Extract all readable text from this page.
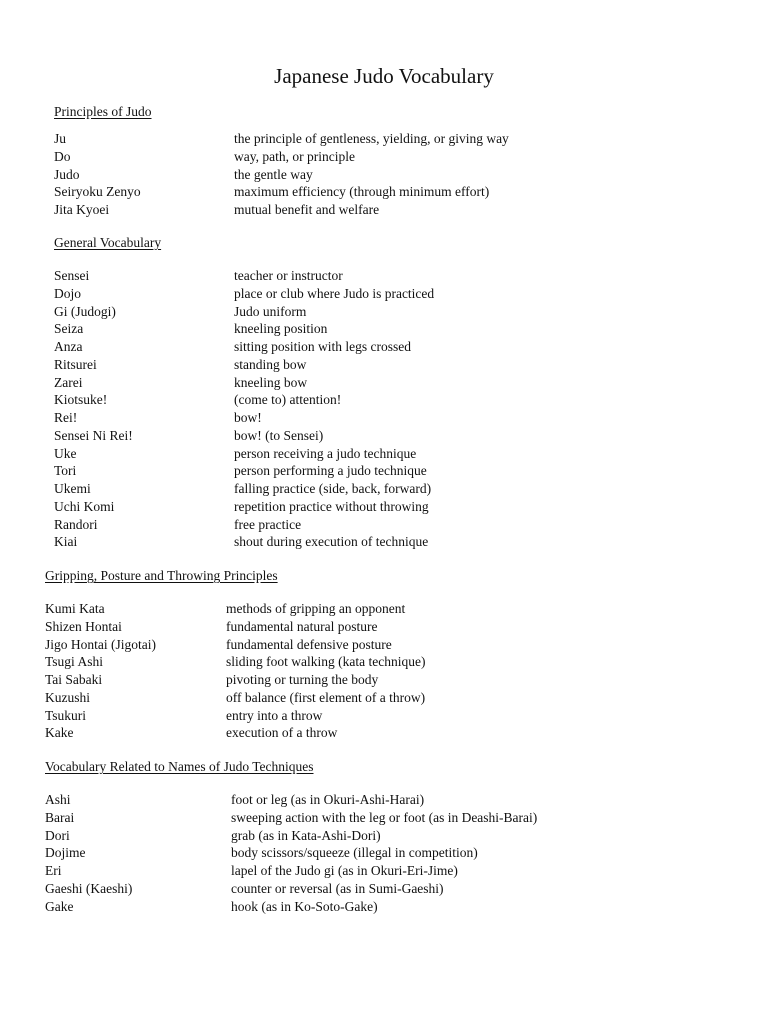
Japanese Judo Vocabulary
Principles of Judo
Ju	the principle of gentleness, yielding, or giving way
Do	way, path, or principle
Judo	the gentle way
Seiryoku Zenyo	maximum efficiency (through minimum effort)
Jita Kyoei	mutual benefit and welfare
General Vocabulary
Sensei	teacher or instructor
Dojo	place or club where Judo is practiced
Gi (Judogi)	Judo uniform
Seiza	kneeling position
Anza	sitting position with legs crossed
Ritsurei	standing bow
Zarei	kneeling bow
Kiotsuke!	(come to) attention!
Rei!	bow!
Sensei Ni Rei!	bow! (to Sensei)
Uke	person receiving a judo technique
Tori	person performing a judo technique
Ukemi	falling practice (side, back, forward)
Uchi Komi	repetition practice without throwing
Randori	free practice
Kiai	shout during execution of technique
Gripping, Posture and Throwing Principles
Kumi Kata	methods of gripping an opponent
Shizen Hontai	fundamental natural posture
Jigo Hontai (Jigotai)	fundamental defensive posture
Tsugi Ashi	sliding foot walking (kata technique)
Tai Sabaki	pivoting or turning the body
Kuzushi	off balance (first element of a throw)
Tsukuri	entry into a throw
Kake	execution of a throw
Vocabulary Related to Names of Judo Techniques
Ashi	foot or leg (as in Okuri-Ashi-Harai)
Barai	sweeping action with the leg or foot (as in Deashi-Barai)
Dori	grab (as in Kata-Ashi-Dori)
Dojime	body scissors/squeeze (illegal in competition)
Eri	lapel of the Judo gi (as in Okuri-Eri-Jime)
Gaeshi (Kaeshi)	counter or reversal (as in Sumi-Gaeshi)
Gake	hook (as in Ko-Soto-Gake)
